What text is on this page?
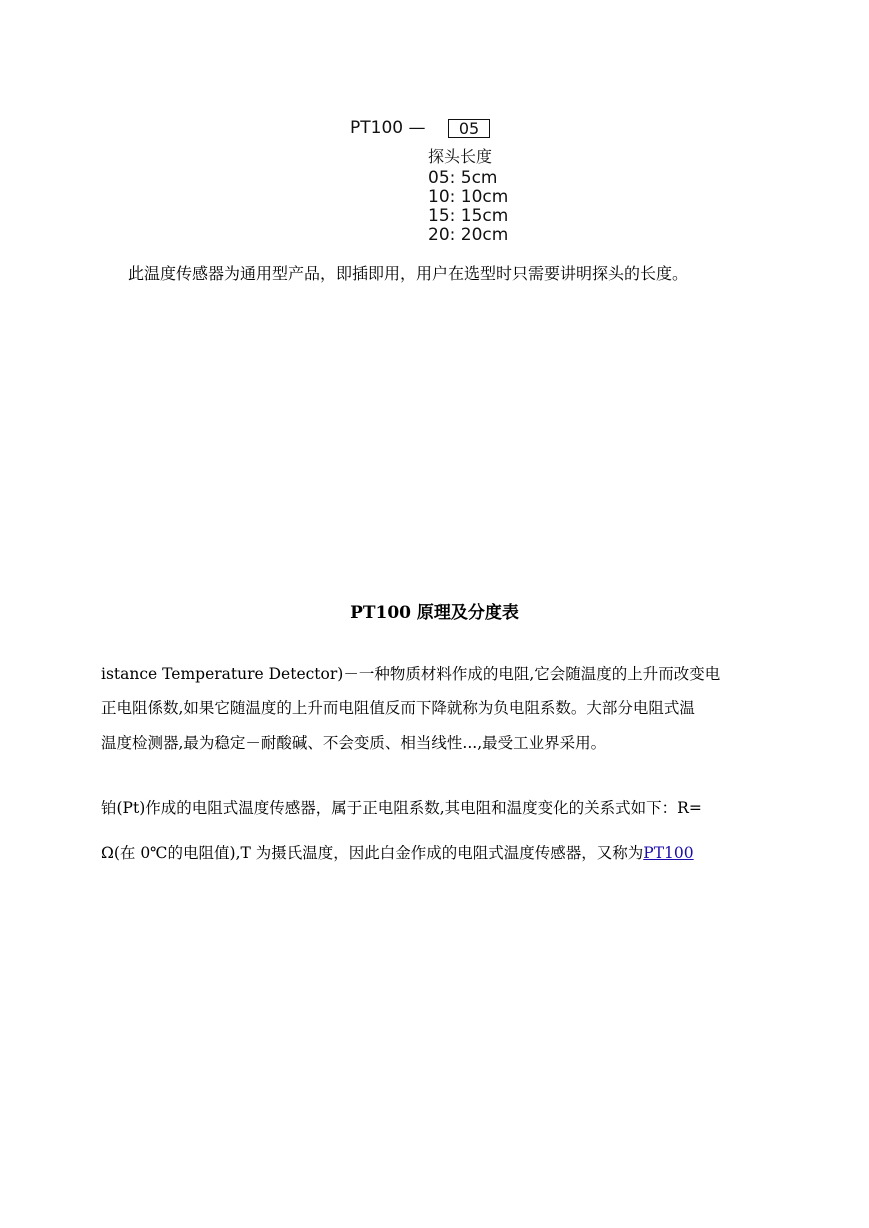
PT100 —	05
探头长度
05: 5cm
10: 10cm
15: 15cm
20: 20cm
此温度传感器为通用型产品，即插即用，用户在选型时只需要讲明探头的长度。
PT100 原理及分度表
istance Temperature Detector)－一种物质材料作成的电阻,它会随温度的上升而改变电
正电阻係数,如果它随温度的上升而电阻值反而下降就称为负电阻系数。大部分电阻式温
温度检测器,最为稳定－耐酸碱、不会变质、相当线性...,最受工业界采用。
铂(Pt)作成的电阻式温度传感器，属于正电阻系数,其电阻和温度变化的关系式如下：R=
Ω(在 0℃的电阻值),T 为摄氏温度，因此白金作成的电阻式温度传感器，又称为PT100
